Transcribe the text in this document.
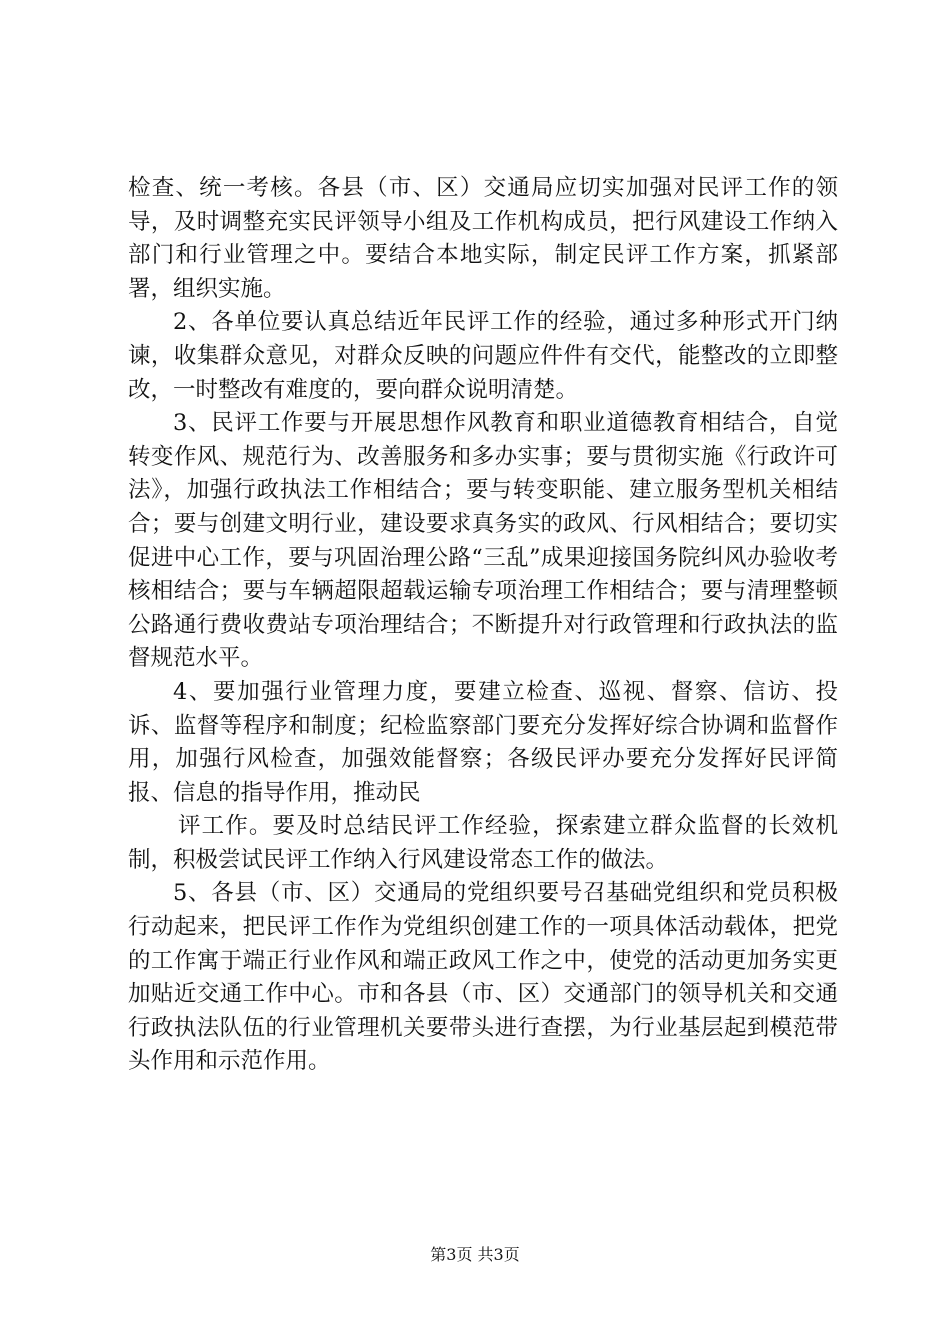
检查、统一考核。各县（市、区）交通局应切实加强对民评工作的领导，及时调整充实民评领导小组及工作机构成员，把行风建设工作纳入部门和行业管理之中。要结合本地实际，制定民评工作方案，抓紧部署，组织实施。

2、各单位要认真总结近年民评工作的经验，通过多种形式开门纳谏，收集群众意见，对群众反映的问题应件件有交代，能整改的立即整改，一时整改有难度的，要向群众说明清楚。

3、民评工作要与开展思想作风教育和职业道德教育相结合，自觉转变作风、规范行为、改善服务和多办实事；要与贯彻实施《行政许可法》，加强行政执法工作相结合；要与转变职能、建立服务型机关相结合；要与创建文明行业，建设要求真务实的政风、行风相结合；要切实促进中心工作，要与巩固治理公路“三乱”成果迎接国务院纠风办验收考核相结合；要与车辆超限超载运输专项治理工作相结合；要与清理整顿公路通行费收费站专项治理结合；不断提升对行政管理和行政执法的监督规范水平。

4、要加强行业管理力度，要建立检查、巡视、督察、信访、投诉、监督等程序和制度；纪检监察部门要充分发挥好综合协调和监督作用，加强行风检查，加强效能督察；各级民评办要充分发挥好民评简报、信息的指导作用，推动民

评工作。要及时总结民评工作经验，探索建立群众监督的长效机制，积极尝试民评工作纳入行风建设常态工作的做法。

5、各县（市、区）交通局的党组织要号召基础党组织和党员积极行动起来，把民评工作作为党组织创建工作的一项具体活动载体，把党的工作寓于端正行业作风和端正政风工作之中，使党的活动更加务实更加贴近交通工作中心。市和各县（市、区）交通部门的领导机关和交通行政执法队伍的行业管理机关要带头进行查摆，为行业基层起到模范带头作用和示范作用。

第3页 共3页
